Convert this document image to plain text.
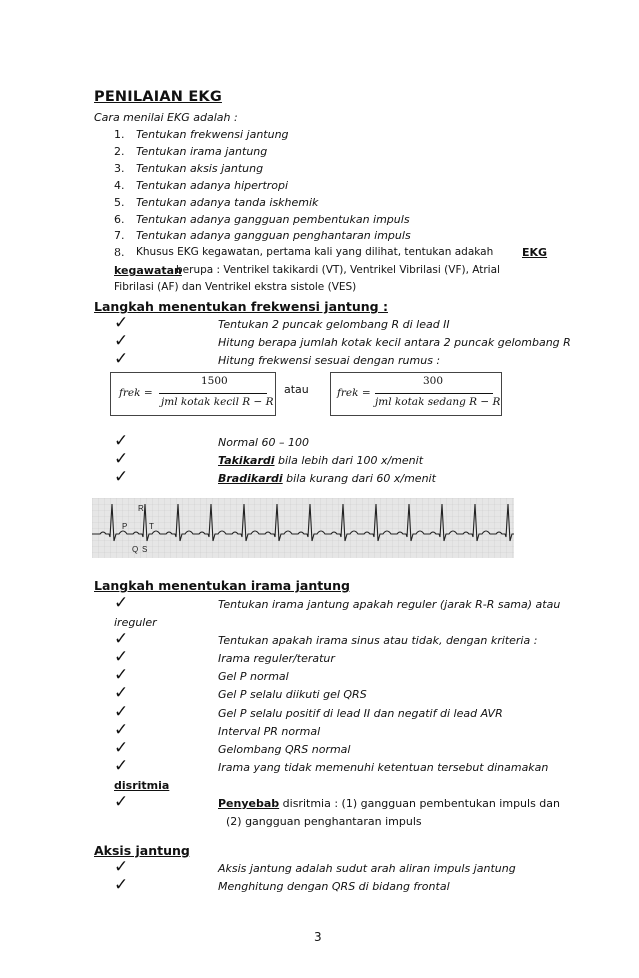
PENILAIAN EKG
Cara menilai EKG adalah :
1. Tentukan frekwensi jantung
2. Tentukan irama jantung
3. Tentukan aksis jantung
4. Tentukan adanya hipertropi
5. Tentukan adanya tanda iskhemik
6. Tentukan adanya gangguan pembentukan impuls
7. Tentukan adanya gangguan penghantaran impuls
8. Khusus EKG kegawatan, pertama kali yang dilihat, tentukan adakah	EKG
kegawatan
berupa : Ventrikel takikardi (VT), Ventrikel Vibrilasi (VF), Atrial
Fibrilasi (AF) dan Ventrikel ekstra sistole (VES)
Langkah menentukan frekwensi jantung :
✓	Tentukan 2 puncak gelombang R di lead II
✓	Hitung berapa jumlah kotak kecil antara 2 puncak gelombang R
✓	Hitung frekwensi sesuai dengan rumus :
frek =
1500
jml kotak kecil R − R
atau	frek =
300
jml kotak sedang R − R
✓	Normal 60 – 100
✓	Takikardi bila lebih dari 100 x/menit
✓	Bradikardi bila kurang dari 60 x/menit
R
P	T
Q S
Langkah menentukan irama jantung
✓	Tentukan irama jantung apakah reguler (jarak R-R sama) atau
ireguler
✓	Tentukan apakah irama sinus atau tidak, dengan kriteria :
✓	Irama reguler/teratur
✓	Gel P normal
✓	Gel P selalu diikuti gel QRS
✓	Gel P selalu positif di lead II dan negatif di lead AVR
✓	Interval PR normal
✓	Gelombang QRS normal
✓	Irama yang tidak memenuhi ketentuan tersebut dinamakan
disritmia
✓	Penyebab disritmia : (1) gangguan pembentukan impuls dan
(2) gangguan penghantaran impuls
Aksis jantung
✓	Aksis jantung adalah sudut arah aliran impuls jantung
✓	Menghitung dengan QRS di bidang frontal
3
